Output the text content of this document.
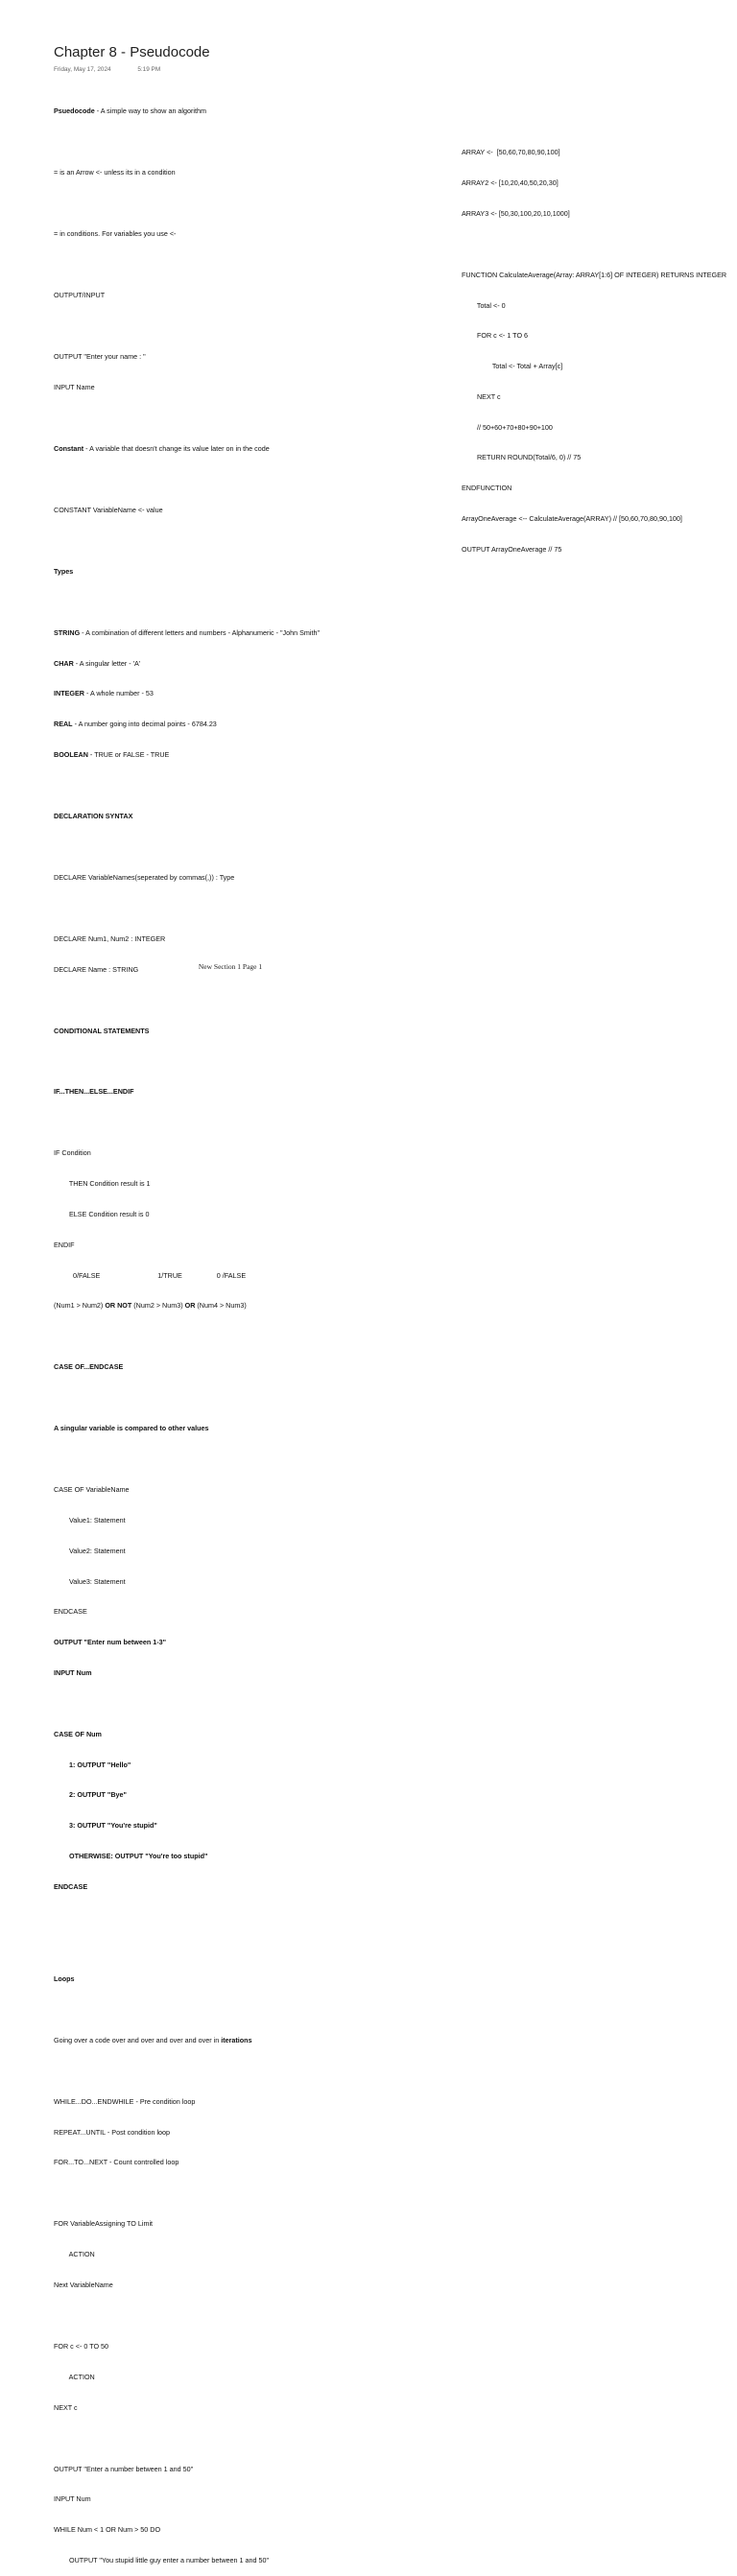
Chapter 8 - Pseudocode
Friday, May 17, 2024	5:19 PM

Psuedocode - A simple way to show an algorithm

= is an Arrow <- unless its in a condition

= in conditions. For variables you use <-

OUTPUT/INPUT

OUTPUT "Enter your name : "

INPUT Name

Constant - A variable that doesn't change its value later on in the code

CONSTANT VariableName <- value

Types

STRING - A combination of different letters and numbers - Alphanumeric - "John Smith"

CHAR - A singular letter - 'A'

INTEGER - A whole number - 53

REAL - A number going into decimal points - 6784.23

BOOLEAN - TRUE or FALSE - TRUE

DECLARATION SYNTAX

DECLARE VariableNames(seperated by commas(,)) : Type

DECLARE Num1, Num2 : INTEGER

DECLARE Name : STRING

CONDITIONAL STATEMENTS

IF...THEN...ELSE...ENDIF

IF Condition

THEN Condition result is 1

ELSE Condition result is 0

ENDIF

0/FALSE                              1/TRUE                  0 /FALSE

(Num1 > Num2) OR NOT (Num2 > Num3) OR (Num4 > Num3)

CASE OF...ENDCASE

A singular variable is compared to other values

CASE OF VariableName

Value1: Statement

Value2: Statement

Value3: Statement

ENDCASE

OUTPUT "Enter num between 1-3"

INPUT Num

CASE OF Num

1: OUTPUT "Hello"

2: OUTPUT "Bye"

3: OUTPUT "You're stupid"

OTHERWISE: OUTPUT "You're too stupid"

ENDCASE

Loops

Going over a code over and over and over and over in iterations

WHILE...DO...ENDWHILE - Pre condition loop

REPEAT...UNTIL - Post condition loop

FOR...TO...NEXT - Count controlled loop

FOR VariableAssigning TO Limit

ACTION

Next VariableName

FOR c <- 0 TO 50

ACTION

NEXT c

OUTPUT "Enter a number between 1 and 50"

INPUT Num

WHILE Num < 1 OR Num > 50 DO

OUTPUT "You stupid little guy enter a number between 1 and 50"

ARRAY <-  [50,60,70,80,90,100]

ARRAY2 <- [10,20,40,50,20,30]

ARRAY3 <- [50,30,100,20,10,1000]

FUNCTION CalculateAverage(Array: ARRAY[1:6] OF INTEGER) RETURNS INTEGER

Total <- 0

FOR c <- 1 TO 6

Total <- Total + Array[c]

NEXT c

// 50+60+70+80+90+100

RETURN ROUND(Total/6, 0) // 75

ENDFUNCTION

ArrayOneAverage <-- CalculateAverage(ARRAY) // [50,60,70,80,90,100]

OUTPUT ArrayOneAverage // 75

New Section 1 Page 1
